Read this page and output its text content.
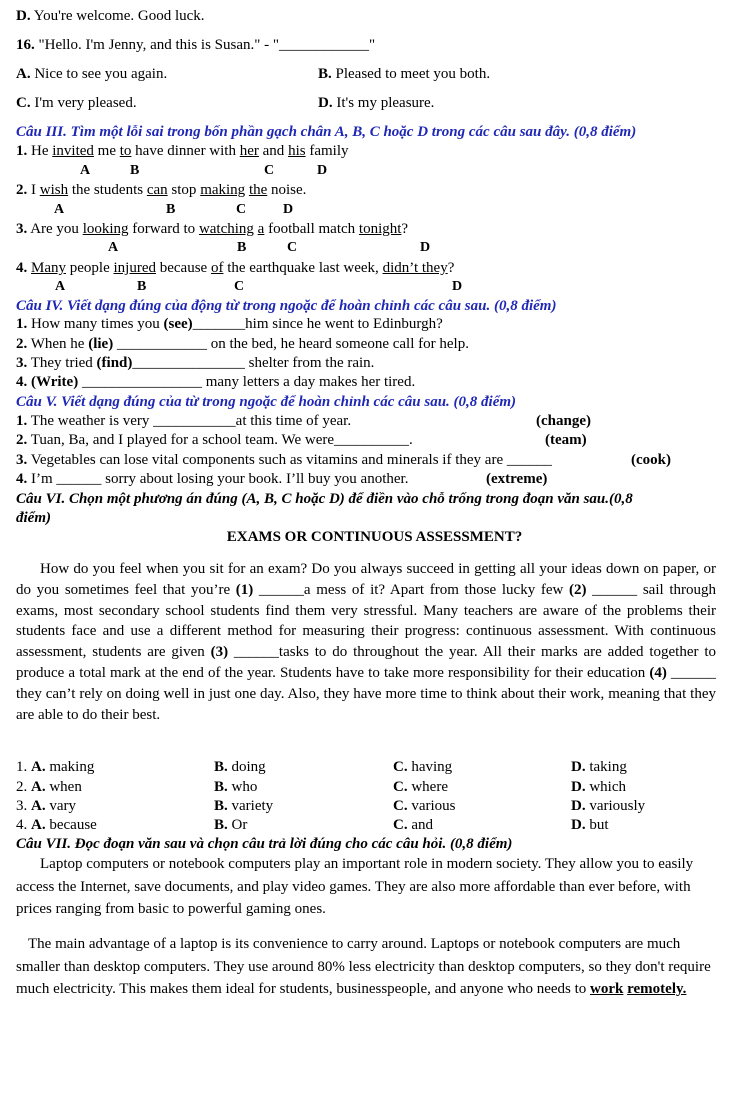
D. You're welcome. Good luck.
16. "Hello. I'm Jenny, and this is Susan." - "____________"
A. Nice to see you again.	B. Pleased to meet you both.
C. I'm very pleased.	D. It's my pleasure.
Câu III. Tìm một lỗi sai trong bốn phần gạch chân A, B, C hoặc D trong các câu sau đây. (0,8 điểm)
1. He invited me to have dinner with her and his family
A	B	C	D
2. I wish the students can stop making the noise.
A	B	C	D
3. Are you looking forward to watching a football match tonight?
A	B	C	D
4. Many people injured because of the earthquake last week, didn’t they?
A	B	C	D
Câu IV. Viết dạng đúng của động từ trong ngoặc để hoàn chỉnh các câu sau. (0,8 điểm)
1. How many times you (see)_______him since he went to Edinburgh?
2. When he (lie) ____________ on the bed, he heard someone call for help.
3. They tried (find)_______________ shelter from the rain.
4. (Write) ________________ many letters a day makes her tired.
Câu V. Viết dạng đúng của từ trong ngoặc để hoàn chỉnh các câu sau. (0,8 điểm)
1. The weather is very ___________at this time of year.	(change)
2. Tuan, Ba, and I played for a school team. We were__________.	(team)
3. Vegetables can lose vital components such as vitamins and minerals if they are ______	(cook)
4. I’m ______ sorry about losing your book. I’ll buy you another.	(extreme)
Câu VI. Chọn một phương án đúng (A, B, C hoặc D) để điền vào chỗ trống trong đoạn văn sau.(0,8
điểm)
EXAMS OR CONTINUOUS ASSESSMENT?
How do you feel when you sit for an exam? Do you always succeed in getting all your ideas down on paper, or do you sometimes feel that you’re (1) ______a mess of it? Apart from those lucky few (2) ______ sail through exams, most secondary school students find them very stressful. Many teachers are aware of the problems their students face and use a different method for measuring their progress: continuous assessment. With continuous assessment, students are given (3) ______tasks to do throughout the year. All their marks are added together to produce a total mark at the end of the year. Students have to take more responsibility for their education (4) ______ they can’t rely on doing well in just one day. Also, they have more time to think about their work, meaning that they are able to do their best.
1. A. making	B. doing	C. having	D. taking
2. A. when	B. who	C. where	D. which
3. A. vary	B. variety	C. various	D. variously
4. A. because	B. Or	C. and	D. but
Câu VII. Đọc đoạn văn sau và chọn câu trả lời đúng cho các câu hỏi. (0,8 điểm)
Laptop computers or notebook computers play an important role in modern society. They allow you to easily access the Internet, save documents, and play video games. They are also more affordable than ever before, with prices ranging from basic to powerful gaming ones.
The main advantage of a laptop is its convenience to carry around. Laptops or notebook computers are much smaller than desktop computers. They use around 80% less electricity than desktop computers, so they don't require much electricity. This makes them ideal for students, businesspeople, and anyone who needs to work remotely.
